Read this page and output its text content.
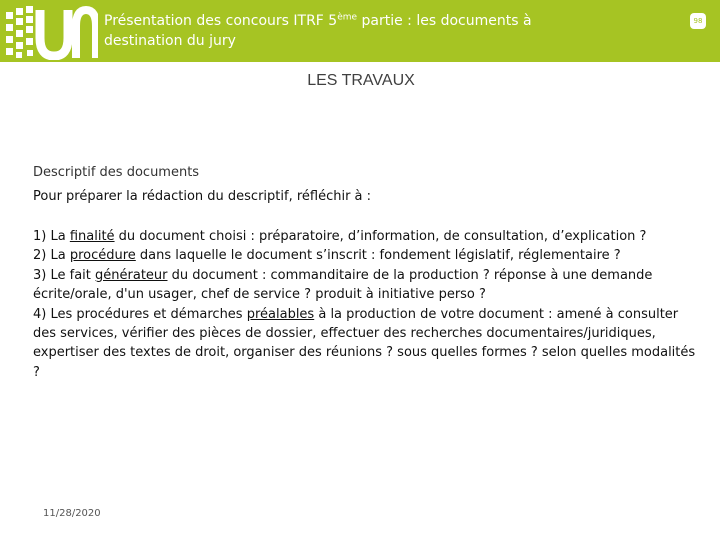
Présentation des concours ITRF 5ème partie : les documents à destination du jury
98
LES TRAVAUX
Descriptif des documents
Pour préparer la rédaction du descriptif, réfléchir à :

1) La finalité du document choisi : préparatoire, d’information, de consultation, d’explication ?

2) La procédure dans laquelle le document s’inscrit : fondement législatif, réglementaire ?

3) Le fait générateur du document : commanditaire de la production ? réponse à une demande écrite/orale, d'un usager, chef de service ? produit à initiative perso ?

4) Les procédures et démarches préalables à la production de votre document : amené à consulter des services, vérifier des pièces de dossier, effectuer des recherches documentaires/juridiques, expertiser des textes de droit, organiser des réunions ? sous quelles formes ? selon quelles modalités ?

11/28/2020
